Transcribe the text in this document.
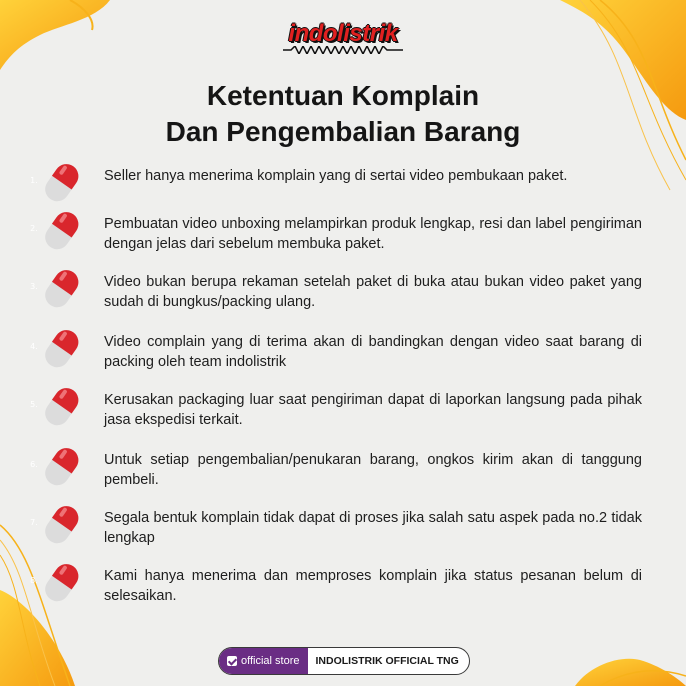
indolistrik
Ketentuan Komplain
Dan Pengembalian Barang
1.	Seller hanya menerima komplain yang di sertai video pembukaan paket.
2.	Pembuatan video unboxing melampirkan produk lengkap, resi dan label pengiriman dengan jelas dari sebelum membuka paket.
3.	Video bukan berupa rekaman setelah paket di buka atau bukan video paket yang sudah di bungkus/packing ulang.
4.	Video complain yang di terima akan di bandingkan dengan video saat barang di packing oleh team indolistrik
5.	Kerusakan packaging luar saat pengiriman dapat di laporkan langsung pada pihak jasa ekspedisi terkait.
6.	Untuk setiap pengembalian/penukaran barang, ongkos kirim akan di tanggung pembeli.
7.	Segala bentuk komplain tidak dapat di proses jika salah satu aspek pada no.2 tidak lengkap
8.	Kami hanya menerima dan memproses komplain jika status pesanan belum di selesaikan.
official store	INDOLISTRIK OFFICIAL TNG
